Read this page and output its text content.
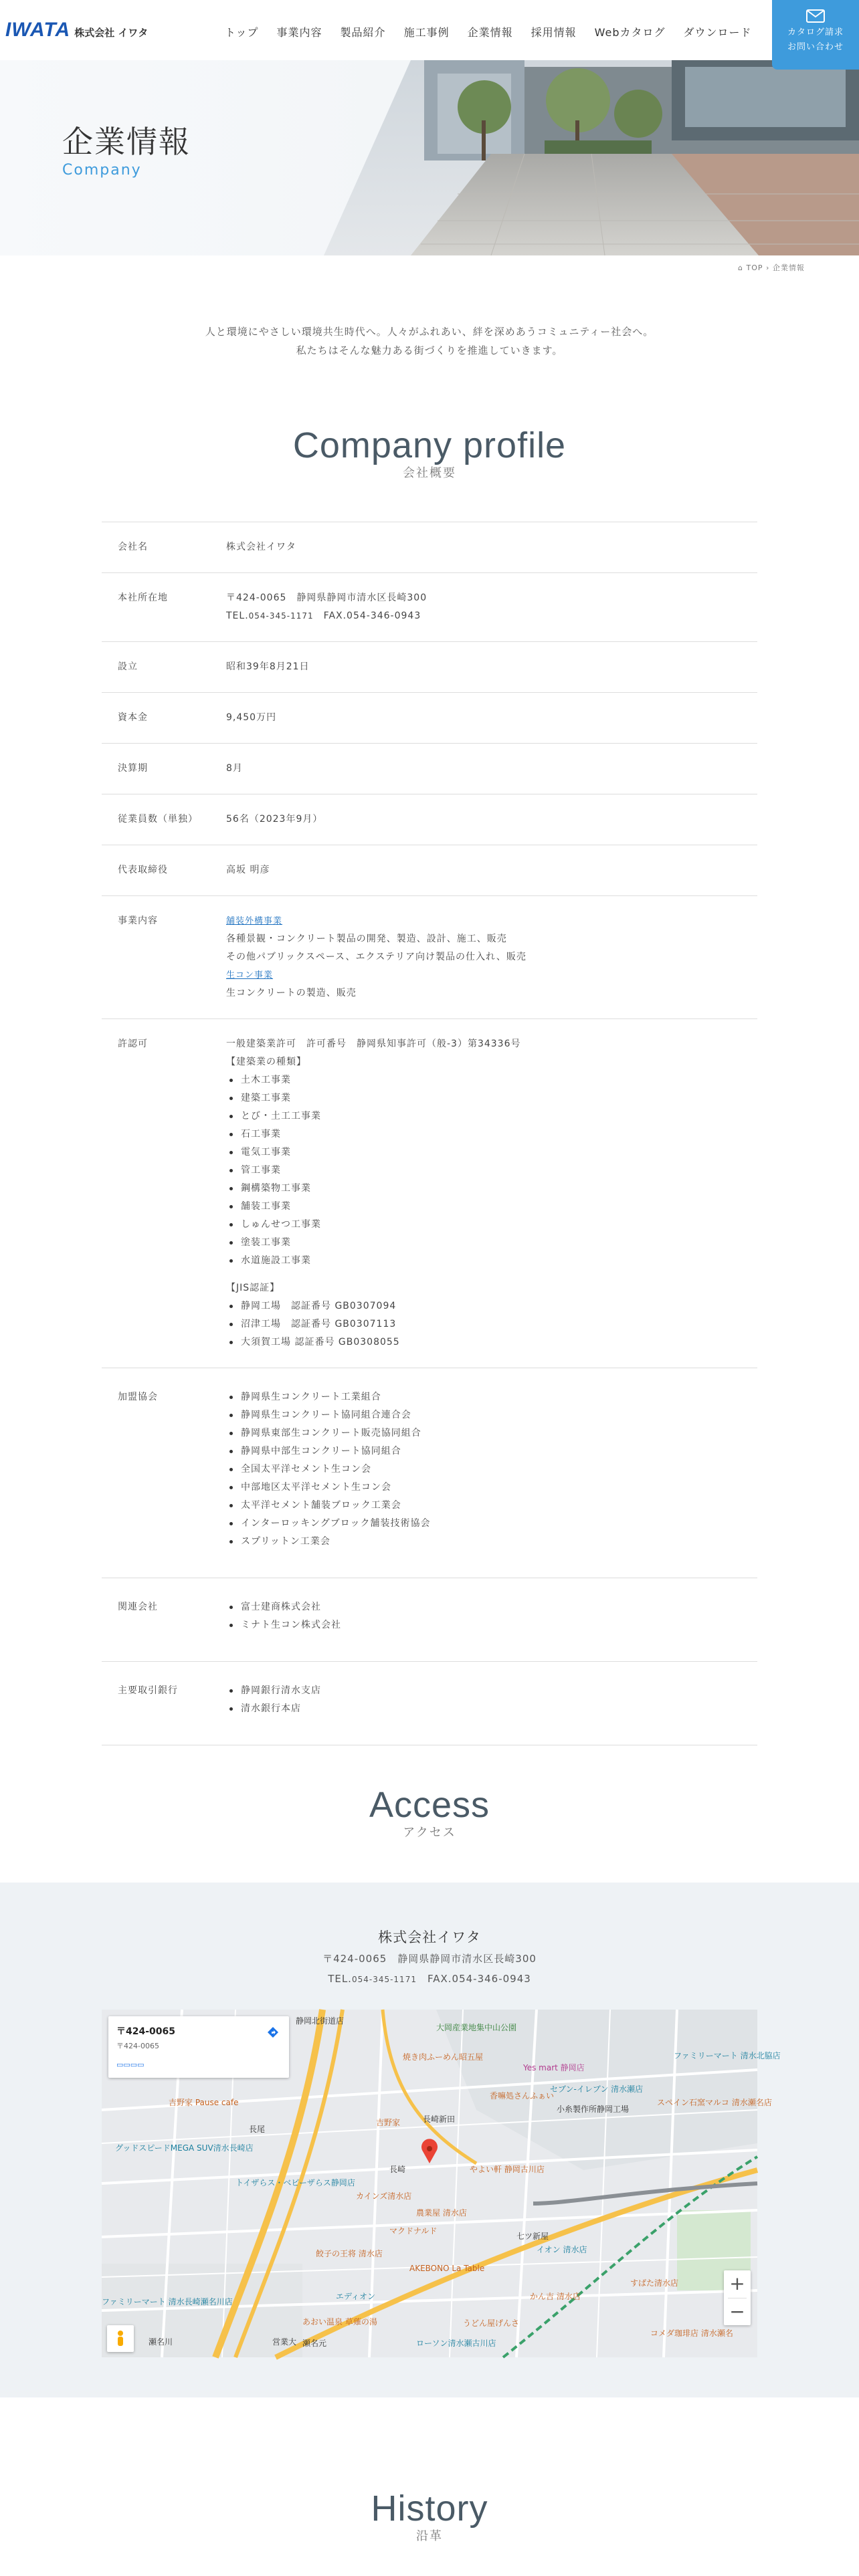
IWATA 株式会社 イワタ	トップ 事業内容 製品紹介 施工事例 企業情報 採用情報 Webカタログ ダウンロード	カタログ請求
お問い合わせ
企業情報
Company
⌂ TOP › 企業情報
人と環境にやさしい環境共生時代へ。人々がふれあい、絆を深めあうコミュニティー社会へ。
私たちはそんな魅力ある街づくりを推進していきます。
Company profile
会社概要
会社名	株式会社イワタ
本社所在地	〒424-0065　静岡県静岡市清水区長崎300
TEL.054-345-1171　 FAX.054-346-0943
設立	昭和39年8月21日
資本金	9,450万円
決算期	8月
従業員数（単独）	56名（2023年9月）
代表取締役	高坂 明彦
事業内容	舗装外構事業
各種景観・コンクリート製品の開発、製造、設計、施工、販売
その他パブリックスペース、エクステリア向け製品の仕入れ、販売
生コン事業
生コンクリートの製造、販売
許認可	一般建築業許可　許可番号　静岡県知事許可（般-3）第34336号
【建築業の種類】
土木工事業
建築工事業
とび・土工工事業
石工事業
電気工事業
管工事業
鋼構築物工事業
舗装工事業
しゅんせつ工事業
塗装工事業
水道施設工事業
【JIS認証】
静岡工場　認証番号 GB0307094
沼津工場　認証番号 GB0307113
大須賀工場 認証番号 GB0308055
加盟協会	静岡県生コンクリート工業組合
静岡県生コンクリート協同組合連合会
静岡県東部生コンクリート販売協同組合
静岡県中部生コンクリート協同組合
全国太平洋セメント生コン会
中部地区太平洋セメント生コン会
太平洋セメント舗装ブロック工業会
インターロッキングブロック舗装技術協会
スプリットン工業会
関連会社	富士建商株式会社
ミナト生コン株式会社
主要取引銀行	静岡銀行清水支店
清水銀行本店
Access
アクセス
株式会社イワタ
〒424-0065　静岡県静岡市清水区長崎300
TEL.054-345-1171　 FAX.054-346-0943
静岡北街道店
大岡産業地集中山公園
焼き肉ふーめん昭五屋
Yes mart 静岡店
ファミリーマート 清水北脇店
吉野家 Pause cafe
香嘛処さんふぁい
セブン-イレブン 清水瀬店
スペイン石窯マルコ 清水瀬名店
グッドスピードMEGA SUV清水長崎店
吉野家
小糸製作所静岡工場
長崎新田
長崎
トイザらス・ベビーザらス静岡店
やよい軒 静岡古川店
カインズ清水店
農業屋 清水店
マクドナルド
七ツ新屋
イオン 清水店
餃子の王将 清水店
AKEBONO La Table
ファミリーマート 清水長崎瀬名川店
エディオン
あおい温泉 草薙の湯
かん吉 清水店
うどん屋げんさ
すばた清水店
ローソン清水瀬古川店
コメダ珈琲店 清水瀬名
営業大
長尾
瀬名川	瀬名元
〒424-0065
〒424-0065
▭▭▭▭
+
−
History
沿革
